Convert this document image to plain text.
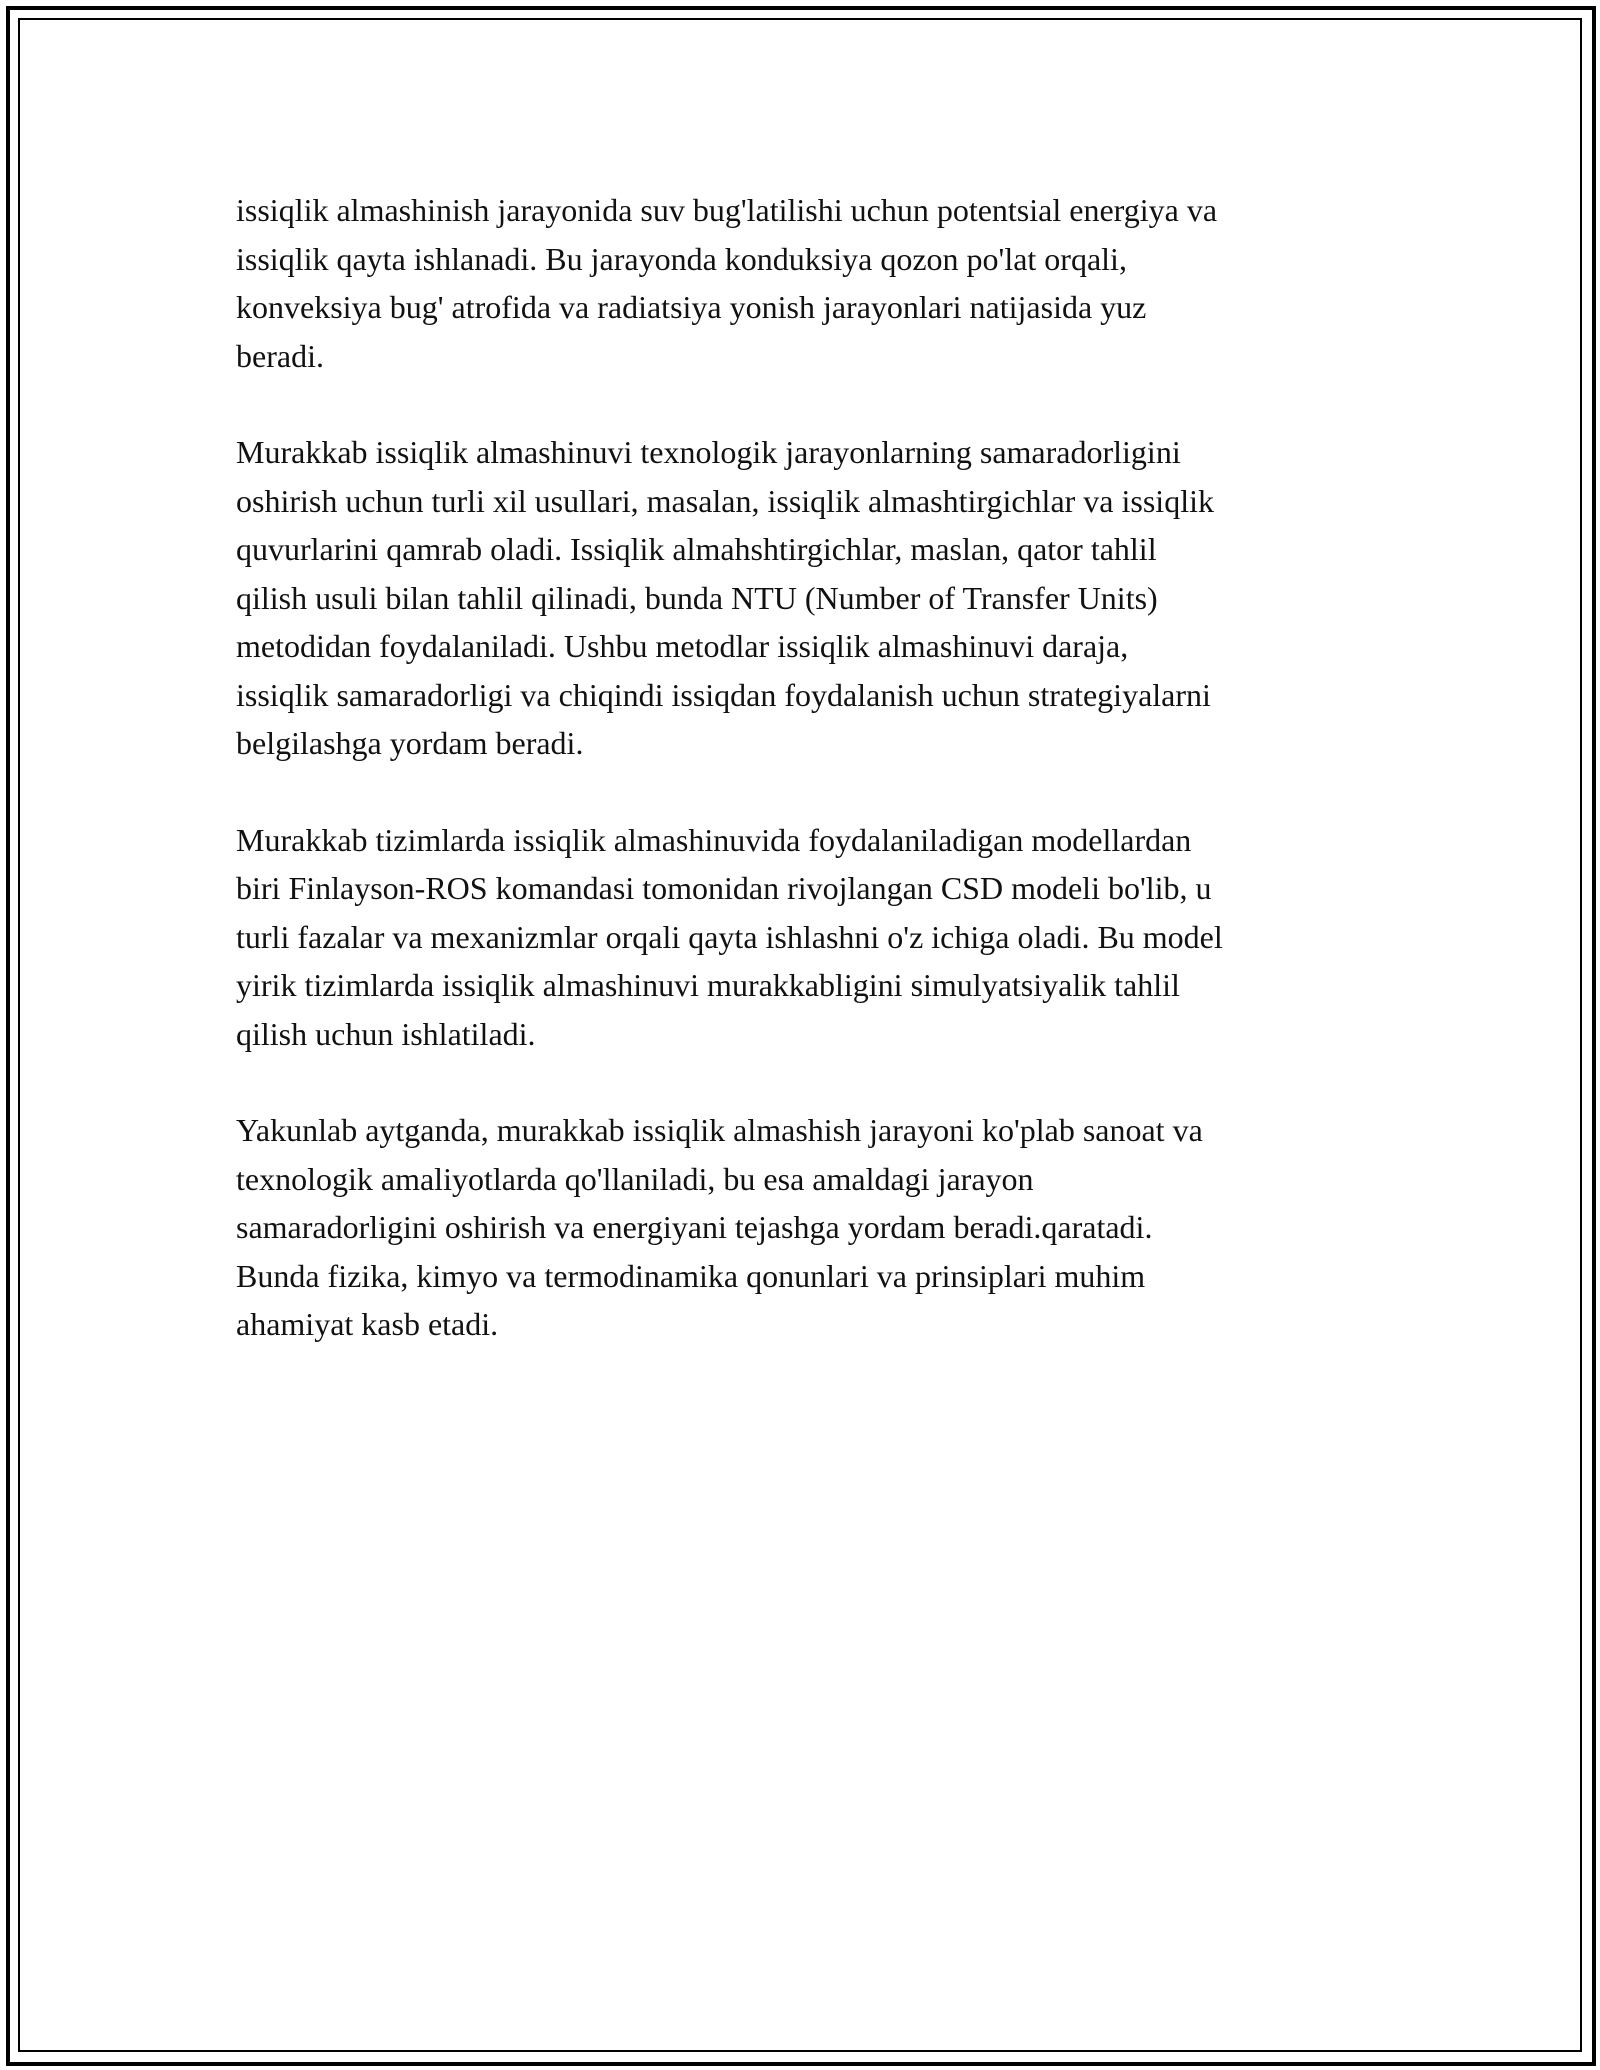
issiqlik almashinish jarayonida suv bug'latilishi uchun potentsial energiya va
issiqlik qayta ishlanadi. Bu jarayonda konduksiya qozon po'lat orqali,
konveksiya bug' atrofida va radiatsiya yonish jarayonlari natijasida yuz
beradi.

Murakkab issiqlik almashinuvi texnologik jarayonlarning samaradorligini
oshirish uchun turli xil usullari, masalan, issiqlik almashtirgichlar va issiqlik
quvurlarini qamrab oladi. Issiqlik almahshtirgichlar, maslan, qator tahlil
qilish usuli bilan tahlil qilinadi, bunda NTU (Number of Transfer Units)
metodidan foydalaniladi. Ushbu metodlar issiqlik almashinuvi daraja,
issiqlik samaradorligi va chiqindi issiqdan foydalanish uchun strategiyalarni
belgilashga yordam beradi.

Murakkab tizimlarda issiqlik almashinuvida foydalaniladigan modellardan
biri Finlayson-ROS komandasi tomonidan rivojlangan CSD modeli bo'lib, u
turli fazalar va mexanizmlar orqali qayta ishlashni o'z ichiga oladi. Bu model
yirik tizimlarda issiqlik almashinuvi murakkabligini simulyatsiyalik tahlil
qilish uchun ishlatiladi.

Yakunlab aytganda, murakkab issiqlik almashish jarayoni ko'plab sanoat va
texnologik amaliyotlarda qo'llaniladi, bu esa amaldagi jarayon
samaradorligini oshirish va energiyani tejashga yordam beradi.qaratadi.
Bunda fizika, kimyo va termodinamika qonunlari va prinsiplari muhim
ahamiyat kasb etadi.
